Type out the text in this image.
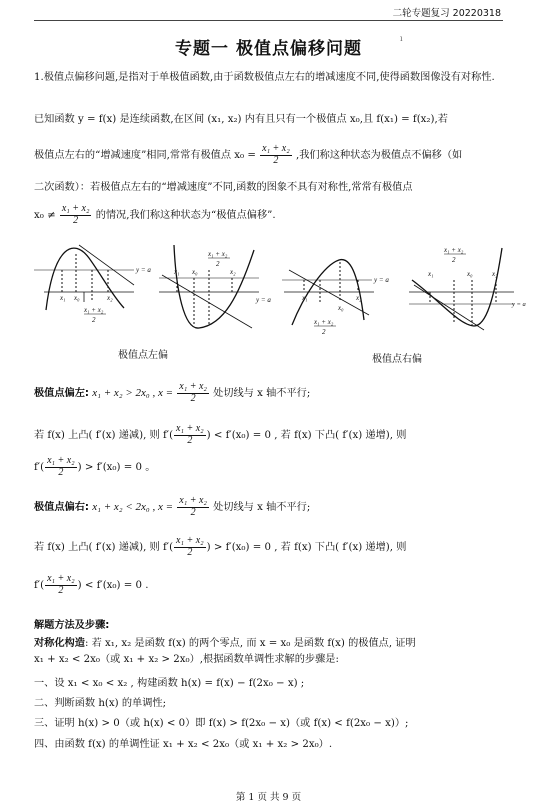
二轮专题复习 20220318
ı
专题一 极值点偏移问题

1.极值点偏移问题,是指对于单极值函数,由于函数极值点左右的增减速度不同,使得函数图像没有对称性.

已知函数 y = f(x) 是连续函数,在区间 (x₁, x₂) 内有且只有一个极值点 x₀,且 f(x₁) = f(x₂),若

极值点左右的“增减速度”相同,常常有极值点 $x_0 = \frac{\text{x₁ + x₂}}{2}$ ,我们称这种状态为极值点不偏移（如

二次函数）：若极值点左右的“增减速度”不同,函数的图象不具有对称性,常常有极值点

$x_0 \ne \frac{\text{x₁ + x₂}}{2}$ 的情况,我们称这种状态为“极值点偏移”.

y = a
x₁ x₀	x₂
x₁ + x₂
2
x₁ + x₂
2
x₁ x₀	x₂
y = a
y = a
x₁
x₀
x₂
x₁ + x₂
2
x₁ + x₂
2
x₁	x₀	x₂
y = a
极值点左偏	极值点右偏

极值点偏左: x₁ + x₂ > 2x₀ , $x = \frac{\text{x₁ + x₂}}{2}$ 处切线与 x 轴不平行;

若 f(x) 上凸( f′(x) 递减), 则 $f'( \frac{\text{x₁ + x₂}}{2}$ ) < f′(x₀) = 0 , 若 f(x) 下凸( f′(x) 递增), 则

$f'( \frac{\text{x₁ + x₂}}{2}$ ) > f′(x₀) = 0 。

极值点偏右: x₁ + x₂ < 2x₀ , $x = \frac{\text{x₁ + x₂}}{2}$ 处切线与 x 轴不平行;

若 f(x) 上凸( f′(x) 递减), 则 $f'( \frac{\text{x₁ + x₂}}{2}$ ) > f′(x₀) = 0 , 若 f(x) 下凸( f′(x) 递增), 则

$f'( \frac{\text{x₁ + x₂}}{2}$ ) < f′(x₀) = 0 .

解题方法及步骤:

对称化构造: 若 x₁, x₂ 是函数 f(x) 的两个零点, 而 x = x₀ 是函数 f(x) 的极值点, 证明
x₁ + x₂ < 2x₀（或 x₁ + x₂ > 2x₀）,根据函数单调性求解的步骤是:

一、设 x₁ < x₀ < x₂ , 构建函数 h(x) = f(x) − f(2x₀ − x) ;

二、判断函数 h(x) 的单调性;

三、证明 h(x) > 0（或 h(x) < 0）即 f(x) > f(2x₀ − x)（或 f(x) < f(2x₀ − x)）;

四、由函数 f(x) 的单调性证 x₁ + x₂ < 2x₀（或 x₁ + x₂ > 2x₀）.

第 1 页 共 9 页
